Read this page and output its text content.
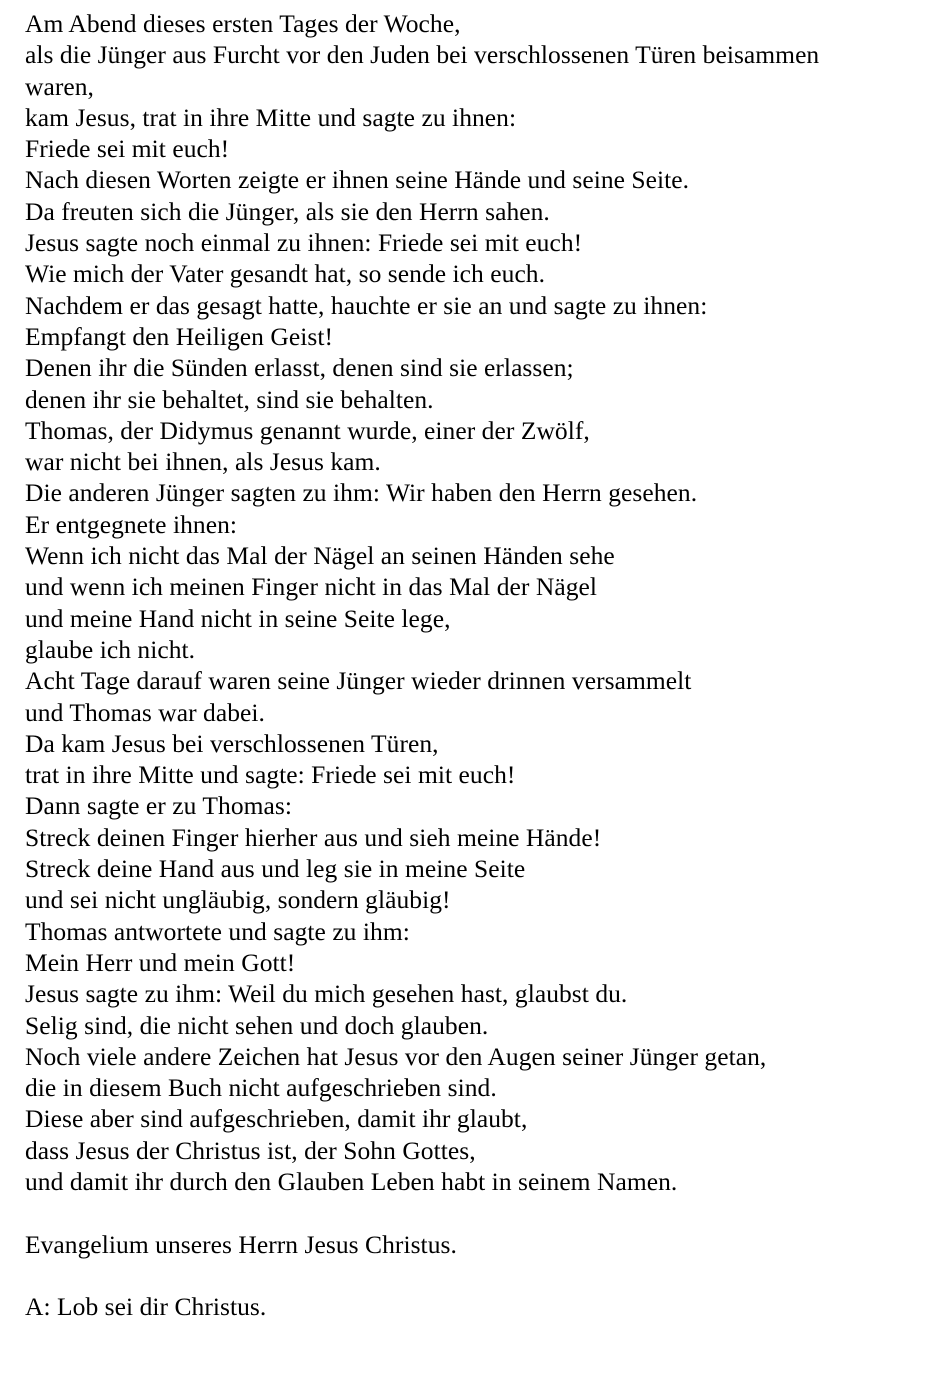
Am Abend dieses ersten Tages der Woche,
als die Jünger aus Furcht vor den Juden bei verschlossenen Türen beisammen
waren,
kam Jesus, trat in ihre Mitte und sagte zu ihnen:
Friede sei mit euch!
Nach diesen Worten zeigte er ihnen seine Hände und seine Seite.
Da freuten sich die Jünger, als sie den Herrn sahen.
Jesus sagte noch einmal zu ihnen: Friede sei mit euch!
Wie mich der Vater gesandt hat, so sende ich euch.
Nachdem er das gesagt hatte, hauchte er sie an und sagte zu ihnen:
Empfangt den Heiligen Geist!
Denen ihr die Sünden erlasst, denen sind sie erlassen;
denen ihr sie behaltet, sind sie behalten.
Thomas, der Didymus genannt wurde, einer der Zwölf,
war nicht bei ihnen, als Jesus kam.
Die anderen Jünger sagten zu ihm: Wir haben den Herrn gesehen.
Er entgegnete ihnen:
Wenn ich nicht das Mal der Nägel an seinen Händen sehe
und wenn ich meinen Finger nicht in das Mal der Nägel
und meine Hand nicht in seine Seite lege,
glaube ich nicht.
Acht Tage darauf waren seine Jünger wieder drinnen versammelt
und Thomas war dabei.
Da kam Jesus bei verschlossenen Türen,
trat in ihre Mitte und sagte: Friede sei mit euch!
Dann sagte er zu Thomas:
Streck deinen Finger hierher aus und sieh meine Hände!
Streck deine Hand aus und leg sie in meine Seite
und sei nicht ungläubig, sondern gläubig!
Thomas antwortete und sagte zu ihm:
Mein Herr und mein Gott!
Jesus sagte zu ihm: Weil du mich gesehen hast, glaubst du.
Selig sind, die nicht sehen und doch glauben.
Noch viele andere Zeichen hat Jesus vor den Augen seiner Jünger getan,
die in diesem Buch nicht aufgeschrieben sind.
Diese aber sind aufgeschrieben, damit ihr glaubt,
dass Jesus der Christus ist, der Sohn Gottes,
und damit ihr durch den Glauben Leben habt in seinem Namen.
Evangelium unseres Herrn Jesus Christus.
A: Lob sei dir Christus.
